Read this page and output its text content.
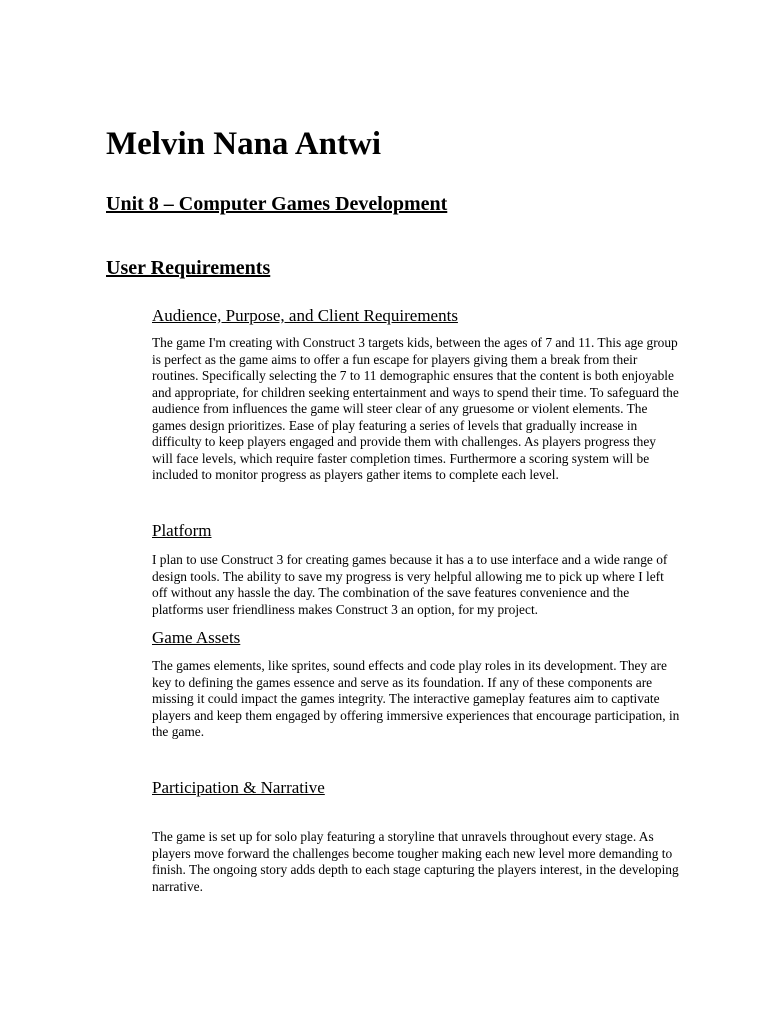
Melvin Nana Antwi
Unit 8 – Computer Games Development
User Requirements
Audience, Purpose, and Client Requirements

The game I'm creating with Construct 3 targets kids, between the ages of 7 and 11. This age group is perfect as the game aims to offer a fun escape for players giving them a break from their routines. Specifically selecting the 7 to 11 demographic ensures that the content is both enjoyable and appropriate, for children seeking entertainment and ways to spend their time. To safeguard the audience from influences the game will steer clear of any gruesome or violent elements. The games design prioritizes. Ease of play featuring a series of levels that gradually increase in difficulty to keep players engaged and provide them with challenges. As players progress they will face levels, which require faster completion times. Furthermore a scoring system will be included to monitor progress as players gather items to complete each level.

Platform

I plan to use Construct 3 for creating games because it has a to use interface and a wide range of design tools. The ability to save my progress is very helpful allowing me to pick up where I left off without any hassle the day. The combination of the save features convenience and the platforms user friendliness makes Construct 3 an option, for my project.

Game Assets

The games elements, like sprites, sound effects and code play roles in its development. They are key to defining the games essence and serve as its foundation. If any of these components are missing it could impact the games integrity. The interactive gameplay features aim to captivate players and keep them engaged by offering immersive experiences that encourage participation, in the game.

Participation & Narrative

The game is set up for solo play featuring a storyline that unravels throughout every stage. As players move forward the challenges become tougher making each new level more demanding to finish. The ongoing story adds depth to each stage capturing the players interest, in the developing narrative.
